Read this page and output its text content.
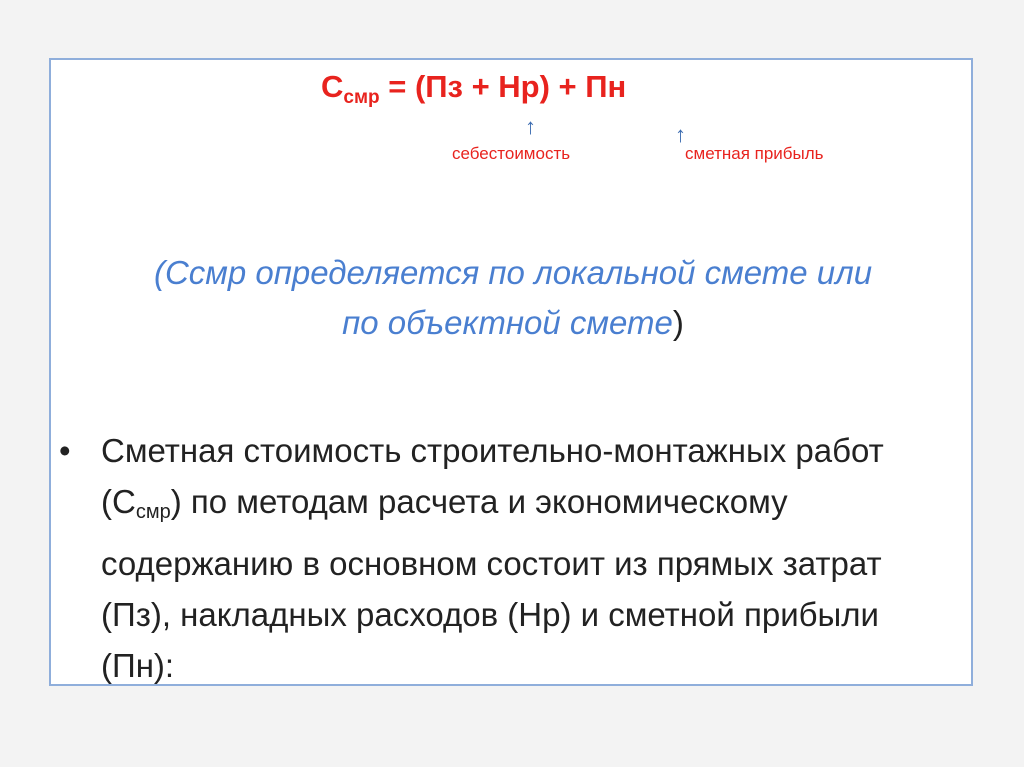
$С_{смр} = (Пз + Нр)$ + Пн
↑	↑
себестоимость	сметная прибыль
(Ссмр определяется по локальной смете или
по объектной смете)
• Сметная стоимость строительно-монтажных работ $(С_{смр})$ по методам расчета и экономическому содержанию в основном состоит из прямых затрат (Пз), накладных расходов (Нр) и сметной прибыли (Пн):
